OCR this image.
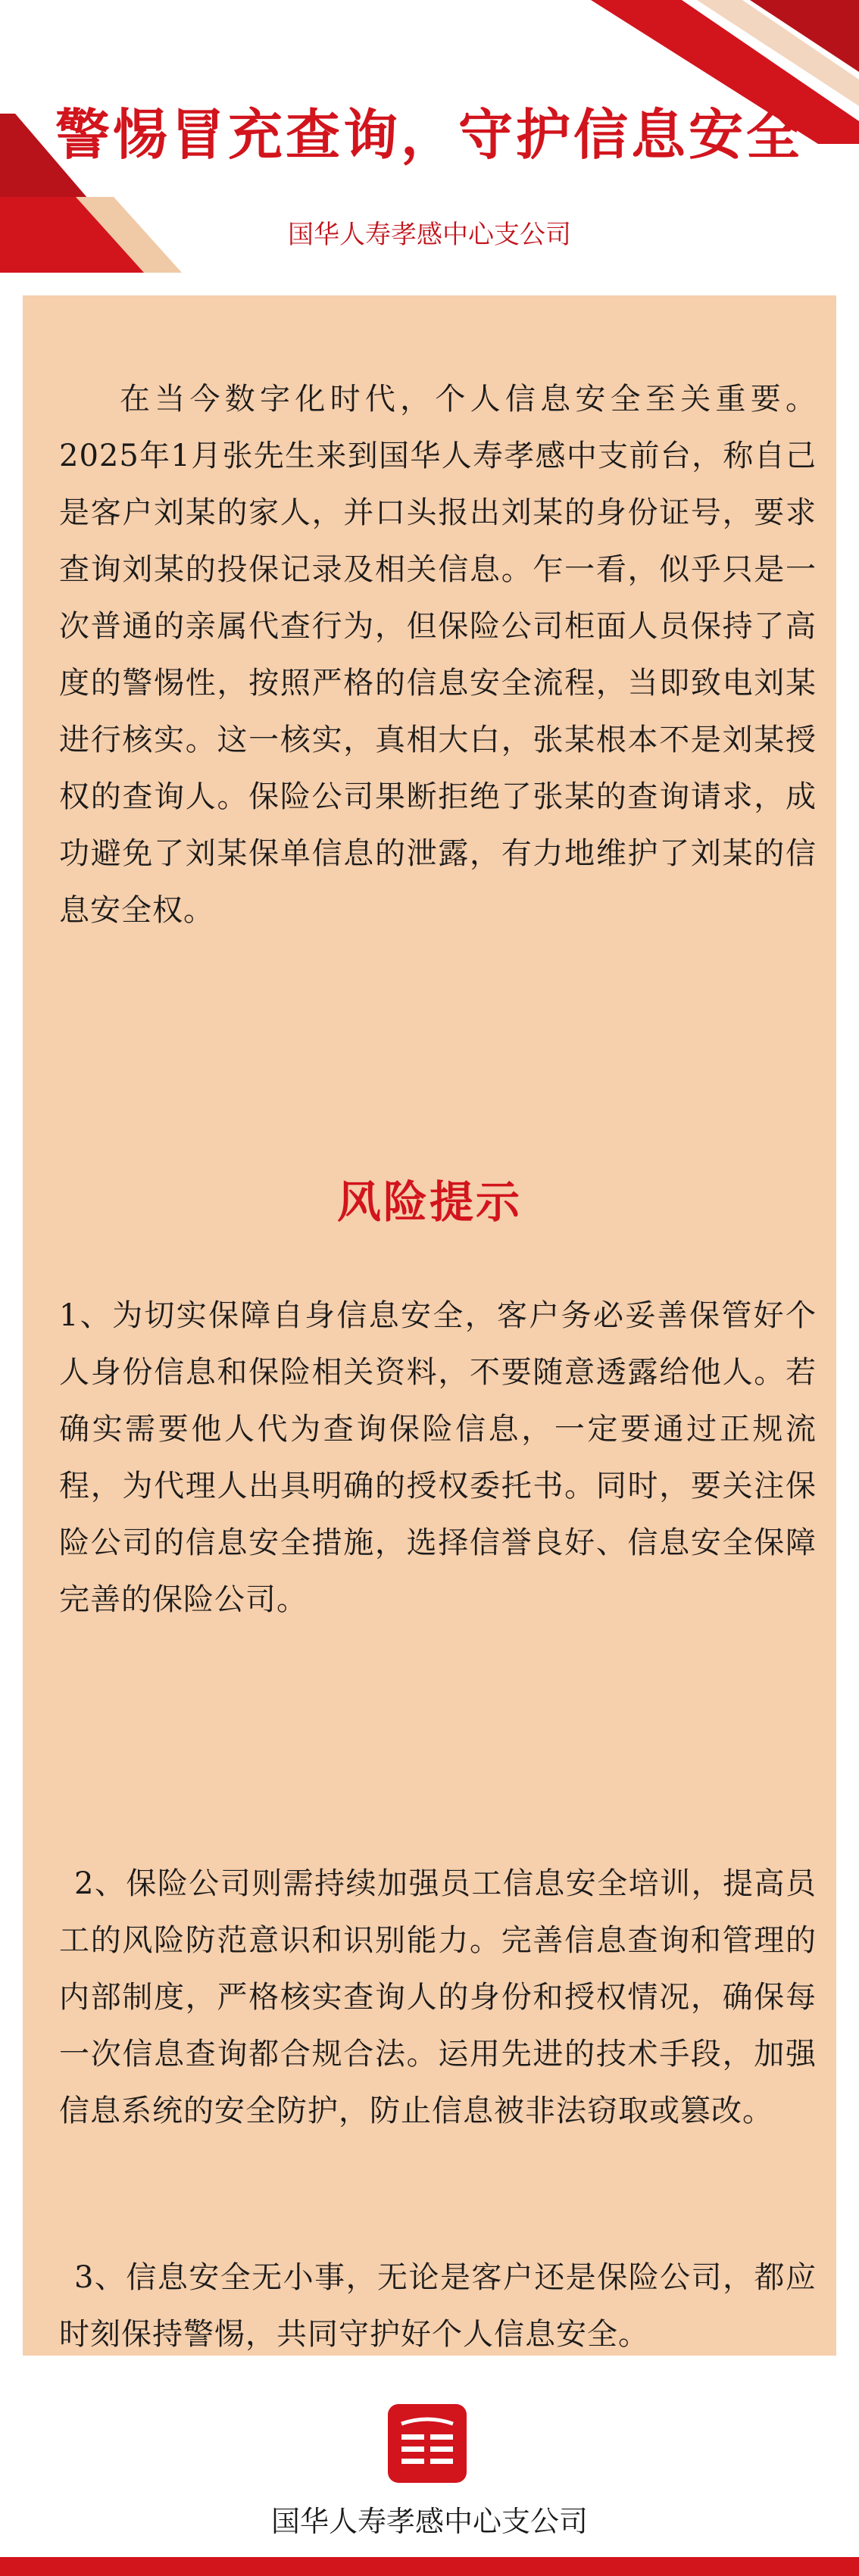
警惕冒充查询，守护信息安全
国华人寿孝感中心支公司
在当今数字化时代，个人信息安全至关重要。2025年1月张先生来到国华人寿孝感中支前台，称自己是客户刘某的家人，并口头报出刘某的身份证号，要求查询刘某的投保记录及相关信息。乍一看，似乎只是一次普通的亲属代查行为，但保险公司柜面人员保持了高度的警惕性，按照严格的信息安全流程，当即致电刘某进行核实。这一核实，真相大白，张某根本不是刘某授权的查询人。保险公司果断拒绝了张某的查询请求，成功避免了刘某保单信息的泄露，有力地维护了刘某的信息安全权。
风险提示
1、为切实保障自身信息安全，客户务必妥善保管好个人身份信息和保险相关资料，不要随意透露给他人。若确实需要他人代为查询保险信息，一定要通过正规流程，为代理人出具明确的授权委托书。同时，要关注保险公司的信息安全措施，选择信誉良好、信息安全保障完善的保险公司。
2、保险公司则需持续加强员工信息安全培训，提高员工的风险防范意识和识别能力。完善信息查询和管理的内部制度，严格核实查询人的身份和授权情况，确保每一次信息查询都合规合法。运用先进的技术手段，加强信息系统的安全防护，防止信息被非法窃取或篡改。
3、信息安全无小事，无论是客户还是保险公司，都应时刻保持警惕，共同守护好个人信息安全。
国华人寿孝感中心支公司
